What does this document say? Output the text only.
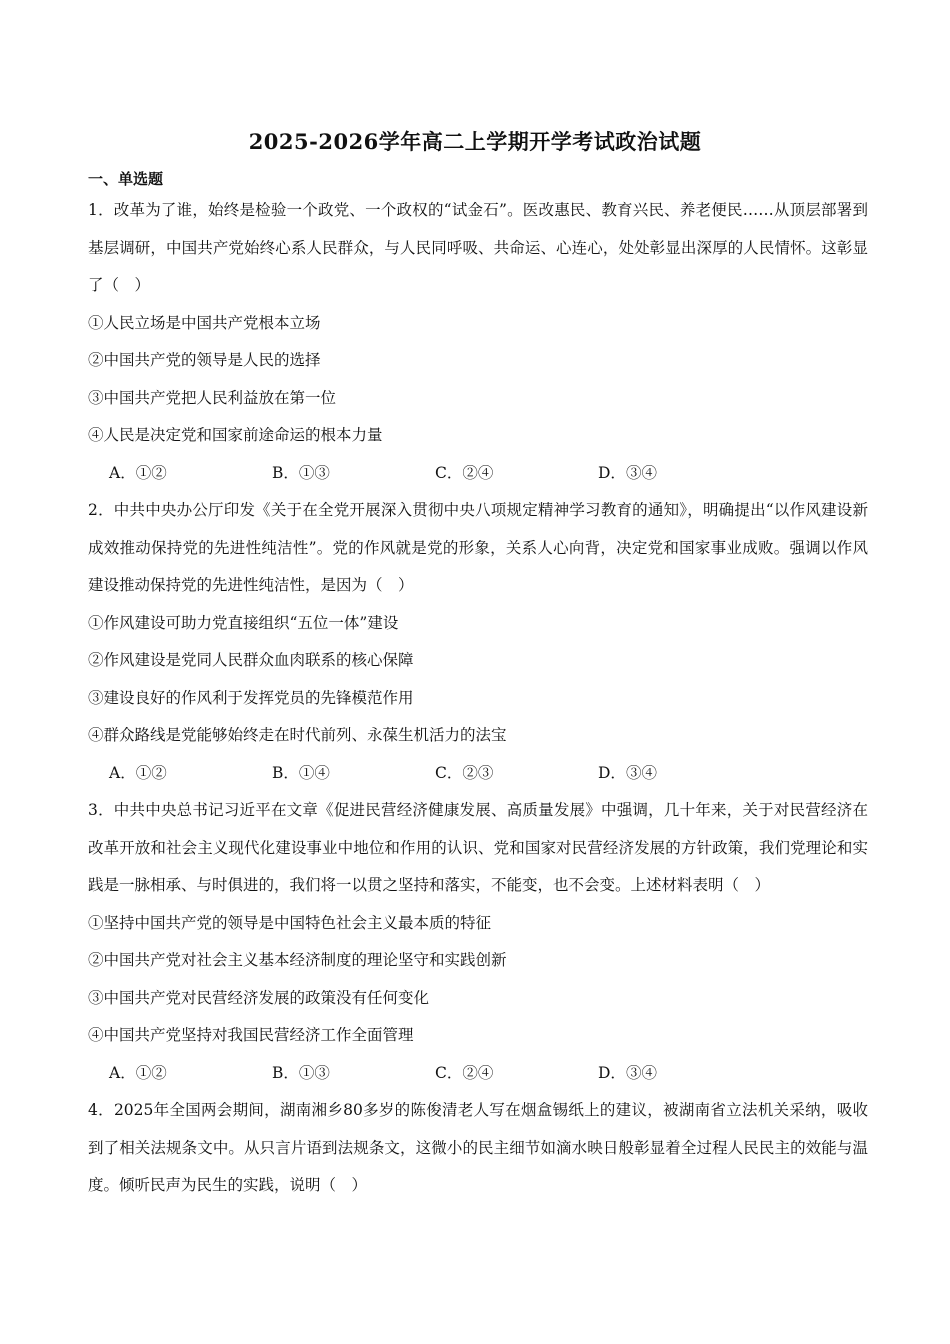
2025-2026学年高二上学期开学考试政治试题
一、单选题
1．改革为了谁，始终是检验一个政党、一个政权的“试金石”。医改惠民、教育兴民、养老便民……从顶层部署到基层调研，中国共产党始终心系人民群众，与人民同呼吸、共命运、心连心，处处彰显出深厚的人民情怀。这彰显了（　）
①人民立场是中国共产党根本立场
②中国共产党的领导是人民的选择
③中国共产党把人民利益放在第一位
④人民是决定党和国家前途命运的根本力量
A．①②	B．①③	C．②④	D．③④
2．中共中央办公厅印发《关于在全党开展深入贯彻中央八项规定精神学习教育的通知》，明确提出“以作风建设新成效推动保持党的先进性纯洁性”。党的作风就是党的形象，关系人心向背，决定党和国家事业成败。强调以作风建设推动保持党的先进性纯洁性，是因为（　）
①作风建设可助力党直接组织“五位一体”建设
②作风建设是党同人民群众血肉联系的核心保障
③建设良好的作风利于发挥党员的先锋模范作用
④群众路线是党能够始终走在时代前列、永葆生机活力的法宝
A．①②	B．①④	C．②③	D．③④
3．中共中央总书记习近平在文章《促进民营经济健康发展、高质量发展》中强调，几十年来，关于对民营经济在改革开放和社会主义现代化建设事业中地位和作用的认识、党和国家对民营经济发展的方针政策，我们党理论和实践是一脉相承、与时俱进的，我们将一以贯之坚持和落实，不能变，也不会变。上述材料表明（　）
①坚持中国共产党的领导是中国特色社会主义最本质的特征
②中国共产党对社会主义基本经济制度的理论坚守和实践创新
③中国共产党对民营经济发展的政策没有任何变化
④中国共产党坚持对我国民营经济工作全面管理
A．①②	B．①③	C．②④	D．③④
4．2025年全国两会期间，湖南湘乡80多岁的陈俊清老人写在烟盒锡纸上的建议，被湖南省立法机关采纳，吸收到了相关法规条文中。从只言片语到法规条文，这微小的民主细节如滴水映日般彰显着全过程人民民主的效能与温度。倾听民声为民生的实践，说明（　）
